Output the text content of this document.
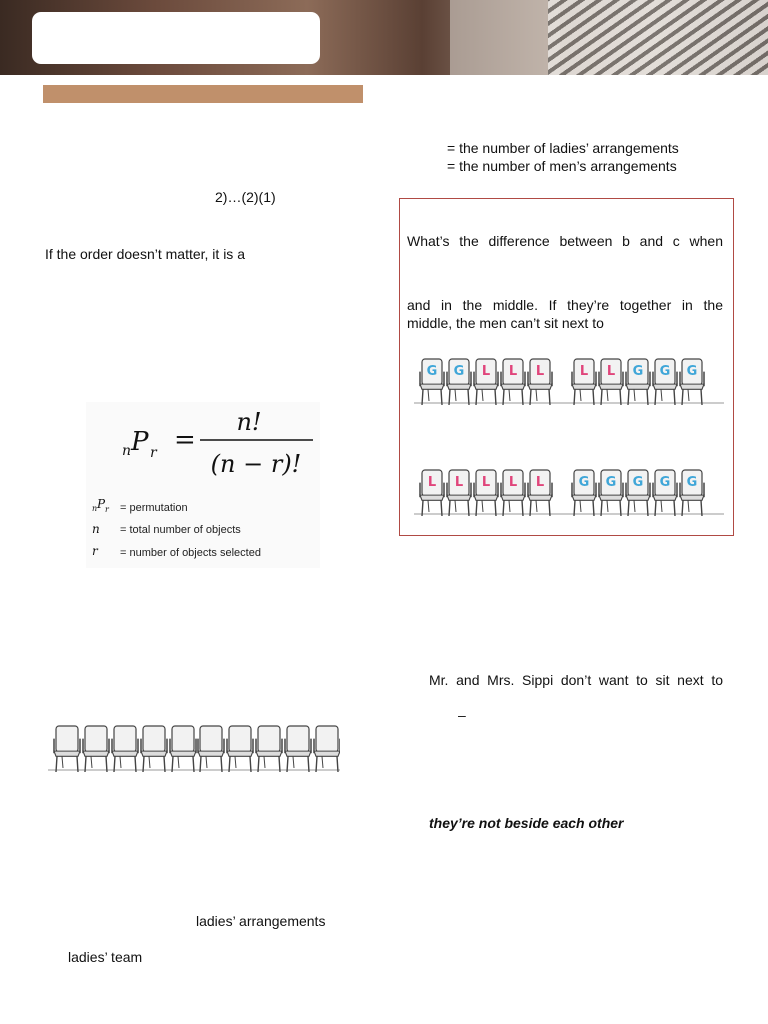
= the number of ladies’ arrangements
= the number of men’s arrangements
2)…(2)(1)
If the order doesn’t matter, it is a
n P r =
n!
(n − r)!
n P r
n
r
= permutation
= total number of objects
= number of objects selected
What’s the difference between b and c when
and in the middle. If they’re together in the
middle, the men can’t sit next to
G G L L L	L L G G G
L L L L L	G G G G G
Mr. and Mrs. Sippi don’t want to sit next to
–
they’re not beside each other
ladies’ arrangements
ladies’ team
